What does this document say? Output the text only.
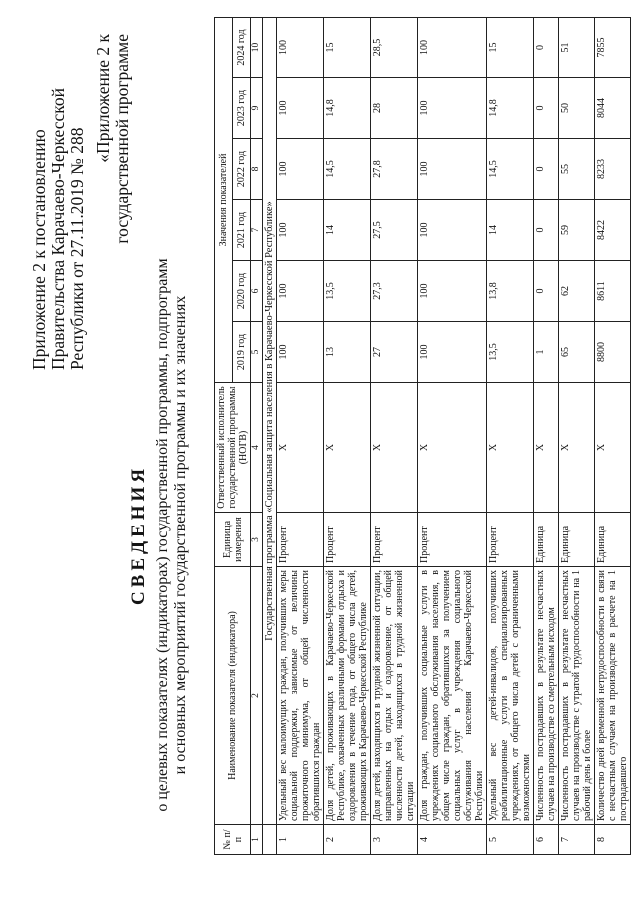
Приложение 2 к постановлению Правительства Карачаево-Черкесской Республики от 27.11.2019 № 288
«Приложение 2 к государственной программе
СВЕДЕНИЯ о целевых показателях (индикаторах) государственной программы, подпрограмм и основных мероприятий государственной программы и их значениях
№ п/п	Наименование показателя (индикатора)	Единица измерения	Ответственный исполнитель государственной программы (НОГВ)	Значения показателей					
				2019 год	2020 год	2021 год	2022 год	2023 год	2024 год
1	2	3	4	5	6	7	8	9	10
	Государственная программа «Социальная защита населения в Карачаево-Черкесской Республике»								
1	Удельный вес малоимущих граждан, получивших меры социальной поддержки, зависимые от величины прожиточного минимума, от общей численности обратившихся граждан	Процент	Х	100	100	100	100	100	100
2	Доля детей, проживающих в Карачаево-Черкесской Республике, охваченных различными формами отдыха и оздоровления в течение года, от общего числа детей, проживающих в Карачаево-Черкесской Республике	Процент	Х	13	13,5	14	14,5	14,8	15
3	Доля детей, находящихся в трудной жизненной ситуации, направленных на отдых и оздоровление, от общей численности детей, находящихся в трудной жизненной ситуации	Процент	Х	27	27,3	27,5	27,8	28	28,5
4	Доля граждан, получивших социальные услуги в учреждениях социального обслуживания населения, в общем числе граждан, обратившихся за получением социальных услуг в учреждения социального обслуживания населения Карачаево-Черкесской Республики	Процент	Х	100	100	100	100	100	100
5	Удельный вес детей-инвалидов, получивших реабилитационные услуги в специализированных учреждениях, от общего числа детей с ограниченными возможностями	Процент	Х	13,5	13,8	14	14,5	14,8	15
6	Численность пострадавших в результате несчастных случаев на производстве со смертельным исходом	Единица	Х	1	0	0	0	0	0
7	Численность пострадавших в результате несчастных случаев на производстве с утратой трудоспособности на 1 рабочий день и более	Единица	Х	65	62	59	55	50	51
8	Количество дней временной нетрудоспособности в связи с несчастным случаем на производстве в расчете на 1 пострадавшего	Единица	Х	8800	8611	8422	8233	8044	7855
